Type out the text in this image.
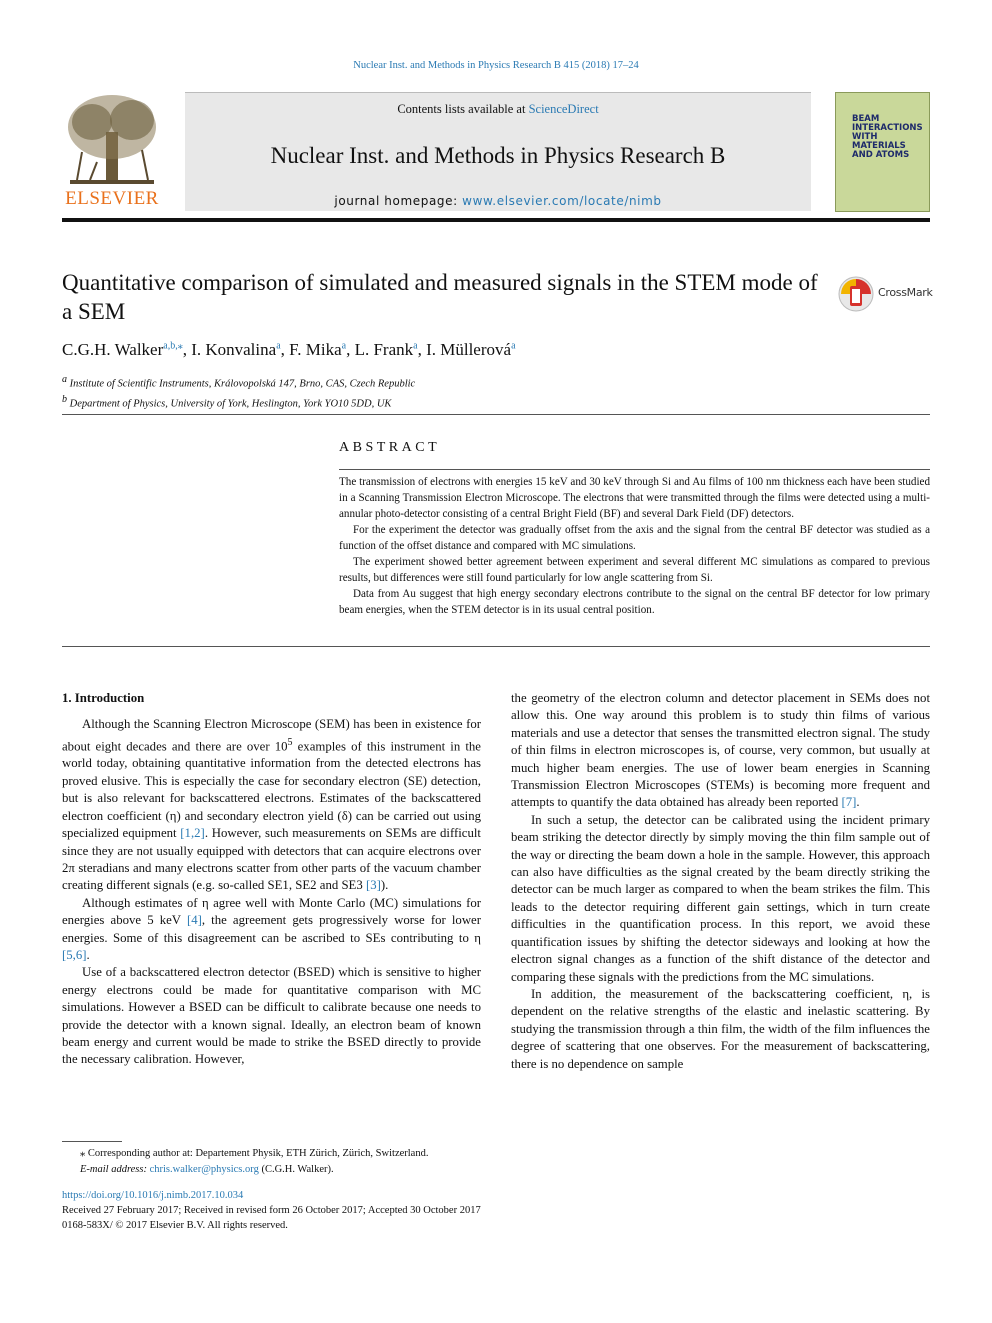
Nuclear Inst. and Methods in Physics Research B 415 (2018) 17–24
ELSEVIER
Contents lists available at ScienceDirect
Nuclear Inst. and Methods in Physics Research B
journal homepage: www.elsevier.com/locate/nimb
BEAM
INTERACTIONS
WITH
MATERIALS
AND ATOMS
Quantitative comparison of simulated and measured signals in the STEM mode of a SEM
CrossMark
C.G.H. Walker$^{a,b,⁎}$, I. Konvalina$^a$, F. Mika$^a$, L. Frank$^a$, I. Müllerová$^a$
$^a$ Institute of Scientific Instruments, Královopolská 147, Brno, CAS, Czech Republic
$^b$ Department of Physics, University of York, Heslington, York YO10 5DD, UK
ABSTRACT

The transmission of electrons with energies 15 keV and 30 keV through Si and Au films of 100 nm thickness each have been studied in a Scanning Transmission Electron Microscope. The electrons that were transmitted through the films were detected using a multi-annular photo-detector consisting of a central Bright Field (BF) and several Dark Field (DF) detectors.

For the experiment the detector was gradually offset from the axis and the signal from the central BF detector was studied as a function of the offset distance and compared with MC simulations.

The experiment showed better agreement between experiment and several different MC simulations as compared to previous results, but differences were still found particularly for low angle scattering from Si.

Data from Au suggest that high energy secondary electrons contribute to the signal on the central BF detector for low primary beam energies, when the STEM detector is in its usual central position.

1. Introduction

Although the Scanning Electron Microscope (SEM) has been in existence for about eight decades and there are over $10^5$ examples of this instrument in the world today, obtaining quantitative information from the detected electrons has proved elusive. This is especially the case for secondary electron (SE) detection, but is also relevant for backscattered electrons. Estimates of the backscattered electron coefficient (η) and secondary electron yield (δ) can be carried out using specialized equipment [1,2]. However, such measurements on SEMs are difficult since they are not usually equipped with detectors that can acquire electrons over 2π steradians and many electrons scatter from other parts of the vacuum chamber creating different signals (e.g. so-called SE1, SE2 and SE3 [3]).

Although estimates of η agree well with Monte Carlo (MC) simulations for energies above 5 keV [4], the agreement gets progressively worse for lower energies. Some of this disagreement can be ascribed to SEs contributing to η [5,6].

Use of a backscattered electron detector (BSED) which is sensitive to higher energy electrons could be made for quantitative comparison with MC simulations. However a BSED can be difficult to calibrate because one needs to provide the detector with a known signal. Ideally, an electron beam of known beam energy and current would be made to strike the BSED directly to provide the necessary calibration. However,

the geometry of the electron column and detector placement in SEMs does not allow this. One way around this problem is to study thin films of various materials and use a detector that senses the transmitted electron signal. The study of thin films in electron microscopes is, of course, very common, but usually at much higher beam energies. The use of lower beam energies in Scanning Transmission Electron Microscopes (STEMs) is becoming more frequent and attempts to quantify the data obtained has already been reported [7].

In such a setup, the detector can be calibrated using the incident primary beam striking the detector directly by simply moving the thin film sample out of the way or directing the beam down a hole in the sample. However, this approach can also have difficulties as the signal created by the beam directly striking the detector can be much larger as compared to when the beam strikes the film. This leads to the detector requiring different gain settings, which in turn create difficulties in the quantification process. In this report, we avoid these quantification issues by shifting the detector sideways and looking at how the electron signal changes as a function of the shift distance of the detector and comparing these signals with the predictions from the MC simulations.

In addition, the measurement of the backscattering coefficient, η, is dependent on the relative strengths of the elastic and inelastic scattering. By studying the transmission through a thin film, the width of the film influences the degree of scattering that one observes. For the measurement of backscattering, there is no dependence on sample

⁎ Corresponding author at: Departement Physik, ETH Zürich, Zürich, Switzerland.
E-mail address: chris.walker@physics.org (C.G.H. Walker).
https://doi.org/10.1016/j.nimb.2017.10.034
Received 27 February 2017; Received in revised form 26 October 2017; Accepted 30 October 2017
0168-583X/ © 2017 Elsevier B.V. All rights reserved.
